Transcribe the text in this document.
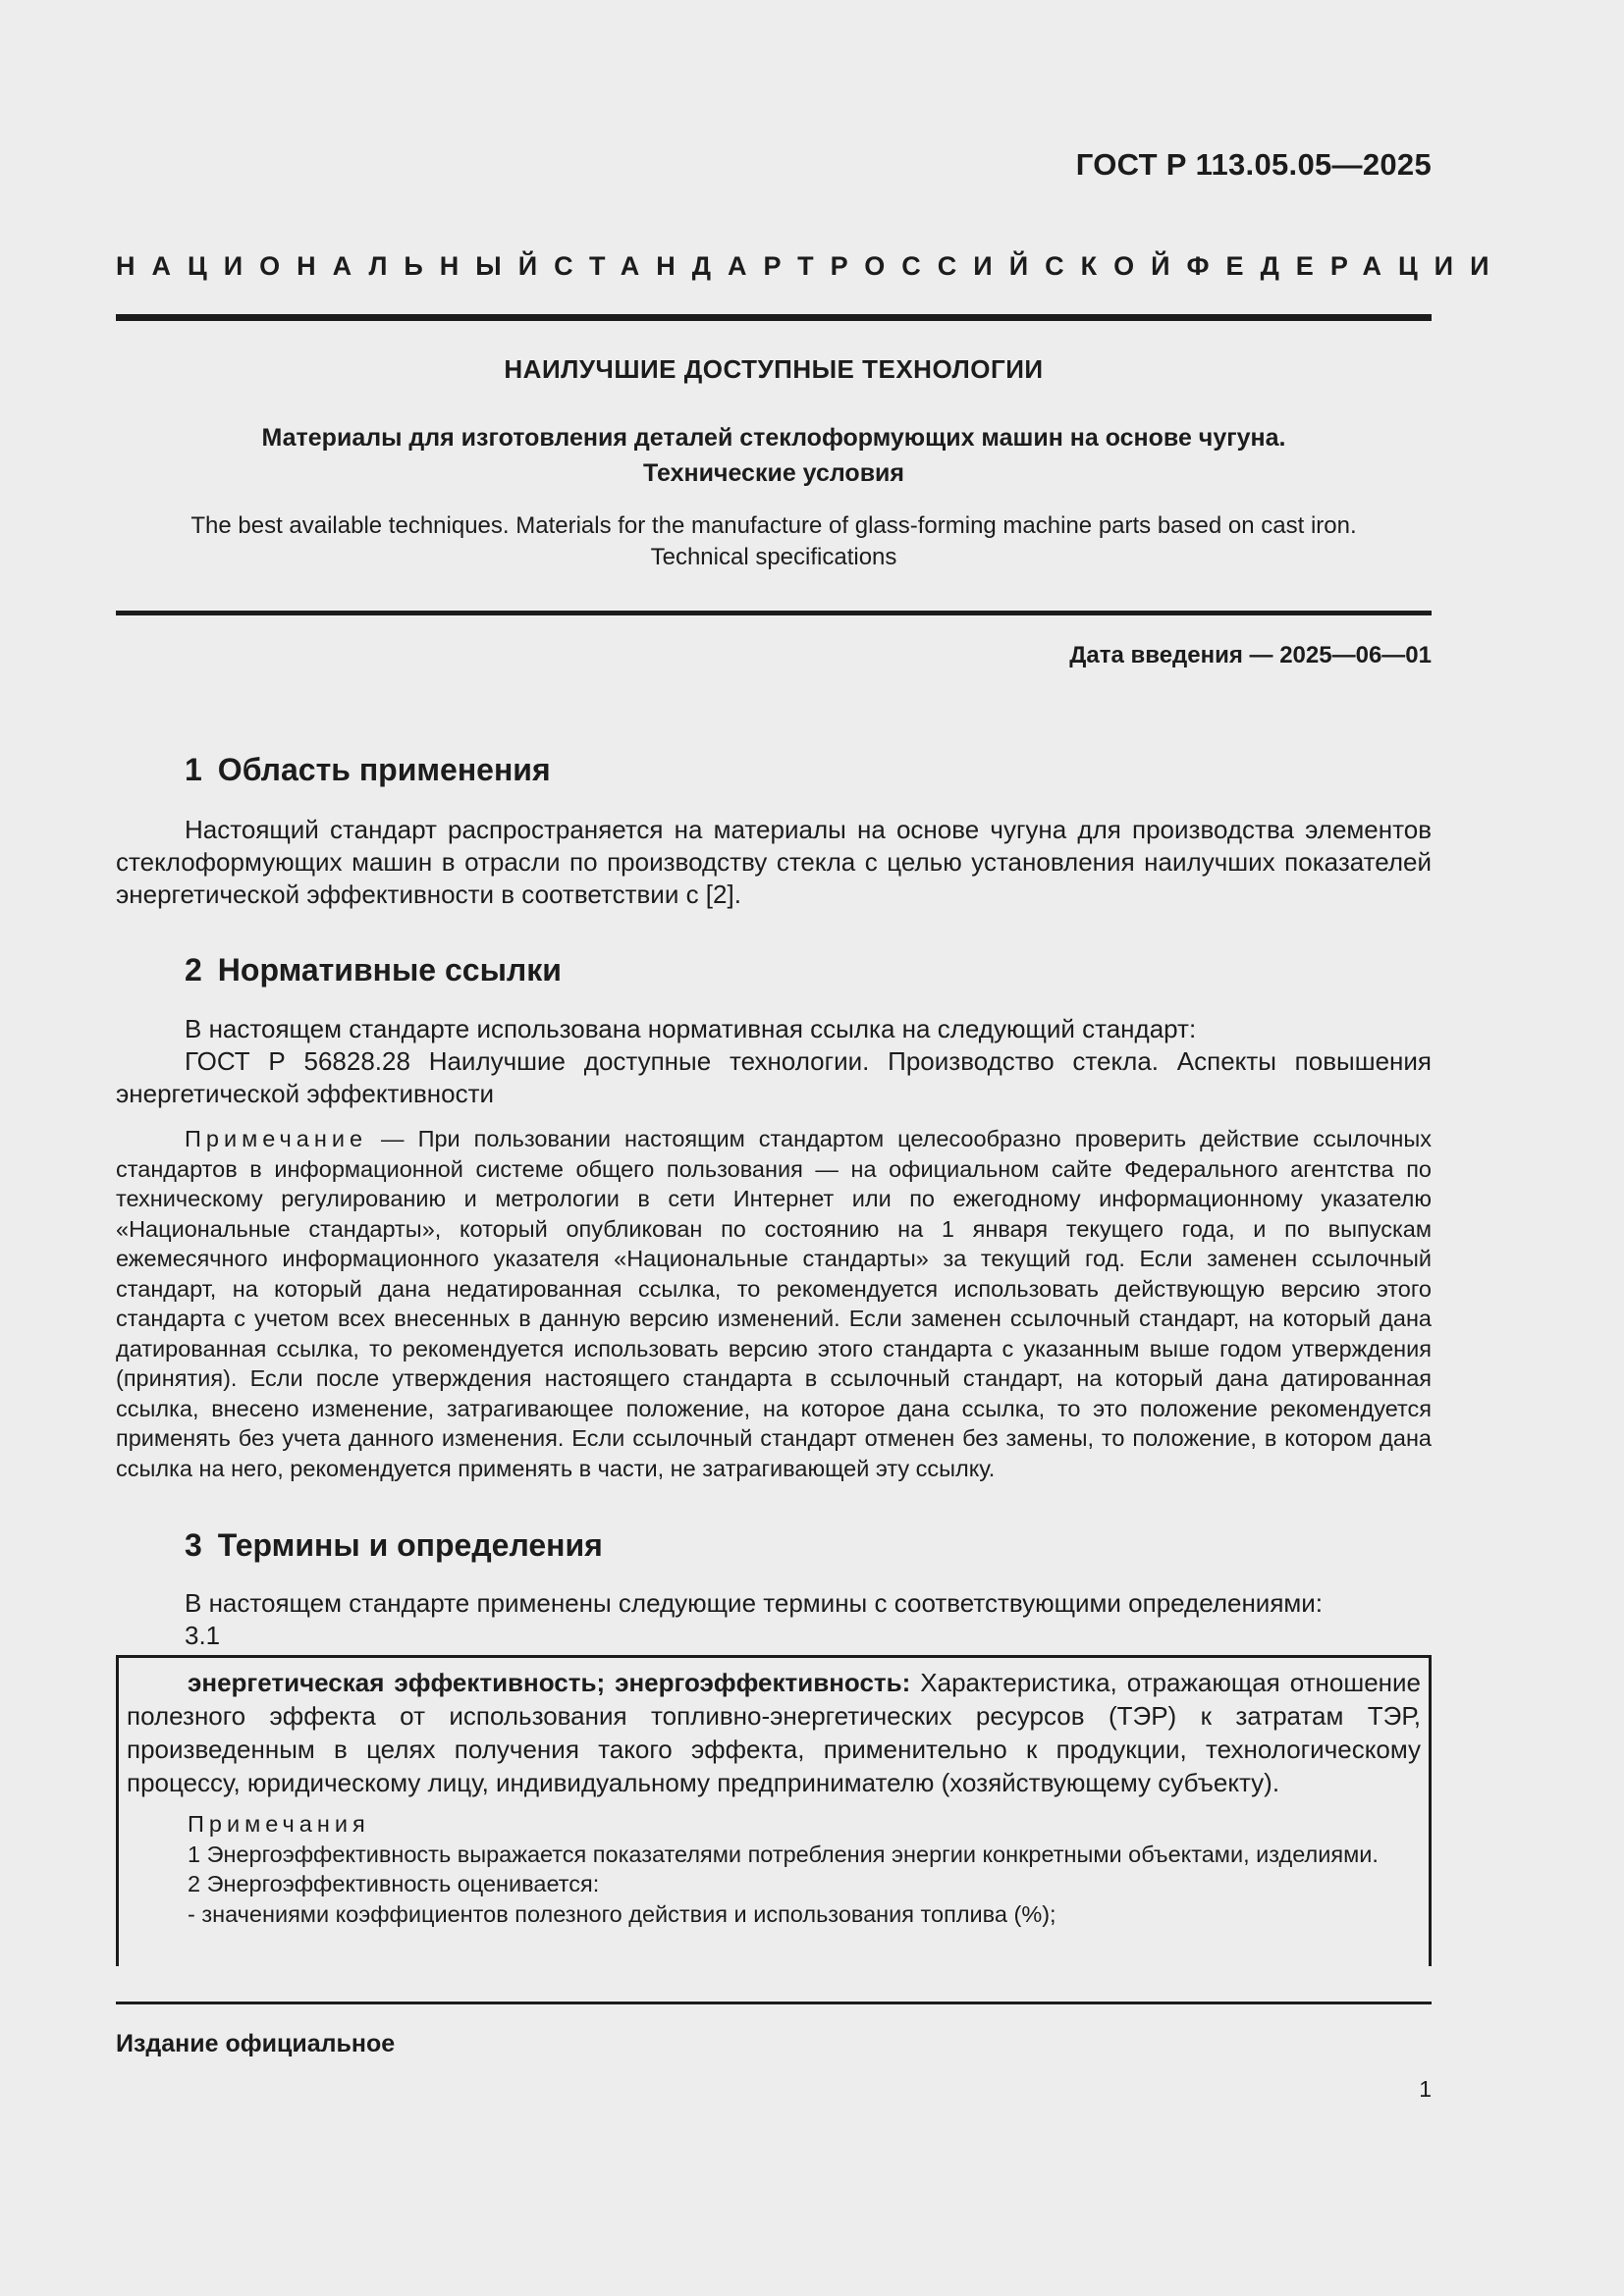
ГОСТ Р 113.05.05—2025
НАЦИОНАЛЬНЫЙ СТАНДАРТ РОССИЙСКОЙ ФЕДЕРАЦИИ
НАИЛУЧШИЕ ДОСТУПНЫЕ ТЕХНОЛОГИИ
Материалы для изготовления деталей стеклоформующих машин на основе чугуна.
Технические условия
The best available techniques. Materials for the manufacture of glass-forming machine parts based on cast iron.
Technical specifications
Дата введения — 2025—06—01
1 Область применения
Настоящий стандарт распространяется на материалы на основе чугуна для производства элементов стеклоформующих машин в отрасли по производству стекла с целью установления наилучших показателей энергетической эффективности в соответствии с [2].
2 Нормативные ссылки
В настоящем стандарте использована нормативная ссылка на следующий стандарт:
ГОСТ Р 56828.28 Наилучшие доступные технологии. Производство стекла. Аспекты повышения энергетической эффективности
Примечание — При пользовании настоящим стандартом целесообразно проверить действие ссылочных стандартов в информационной системе общего пользования — на официальном сайте Федерального агентства по техническому регулированию и метрологии в сети Интернет или по ежегодному информационному указателю «Национальные стандарты», который опубликован по состоянию на 1 января текущего года, и по выпускам ежемесячного информационного указателя «Национальные стандарты» за текущий год. Если заменен ссылочный стандарт, на который дана недатированная ссылка, то рекомендуется использовать действующую версию этого стандарта с учетом всех внесенных в данную версию изменений. Если заменен ссылочный стандарт, на который дана датированная ссылка, то рекомендуется использовать версию этого стандарта с указанным выше годом утверждения (принятия). Если после утверждения настоящего стандарта в ссылочный стандарт, на который дана датированная ссылка, внесено изменение, затрагивающее положение, на которое дана ссылка, то это положение рекомендуется применять без учета данного изменения. Если ссылочный стандарт отменен без замены, то положение, в котором дана ссылка на него, рекомендуется применять в части, не затрагивающей эту ссылку.
3 Термины и определения
В настоящем стандарте применены следующие термины с соответствующими определениями:
3.1
энергетическая эффективность; энергоэффективность: Характеристика, отражающая отношение полезного эффекта от использования топливно-энергетических ресурсов (ТЭР) к затратам ТЭР, произведенным в целях получения такого эффекта, применительно к продукции, технологическому процессу, юридическому лицу, индивидуальному предпринимателю (хозяйствующему субъекту).
Примечания
1 Энергоэффективность выражается показателями потребления энергии конкретными объектами, изделиями.
2 Энергоэффективность оценивается:
- значениями коэффициентов полезного действия и использования топлива (%);
Издание официальное
1
